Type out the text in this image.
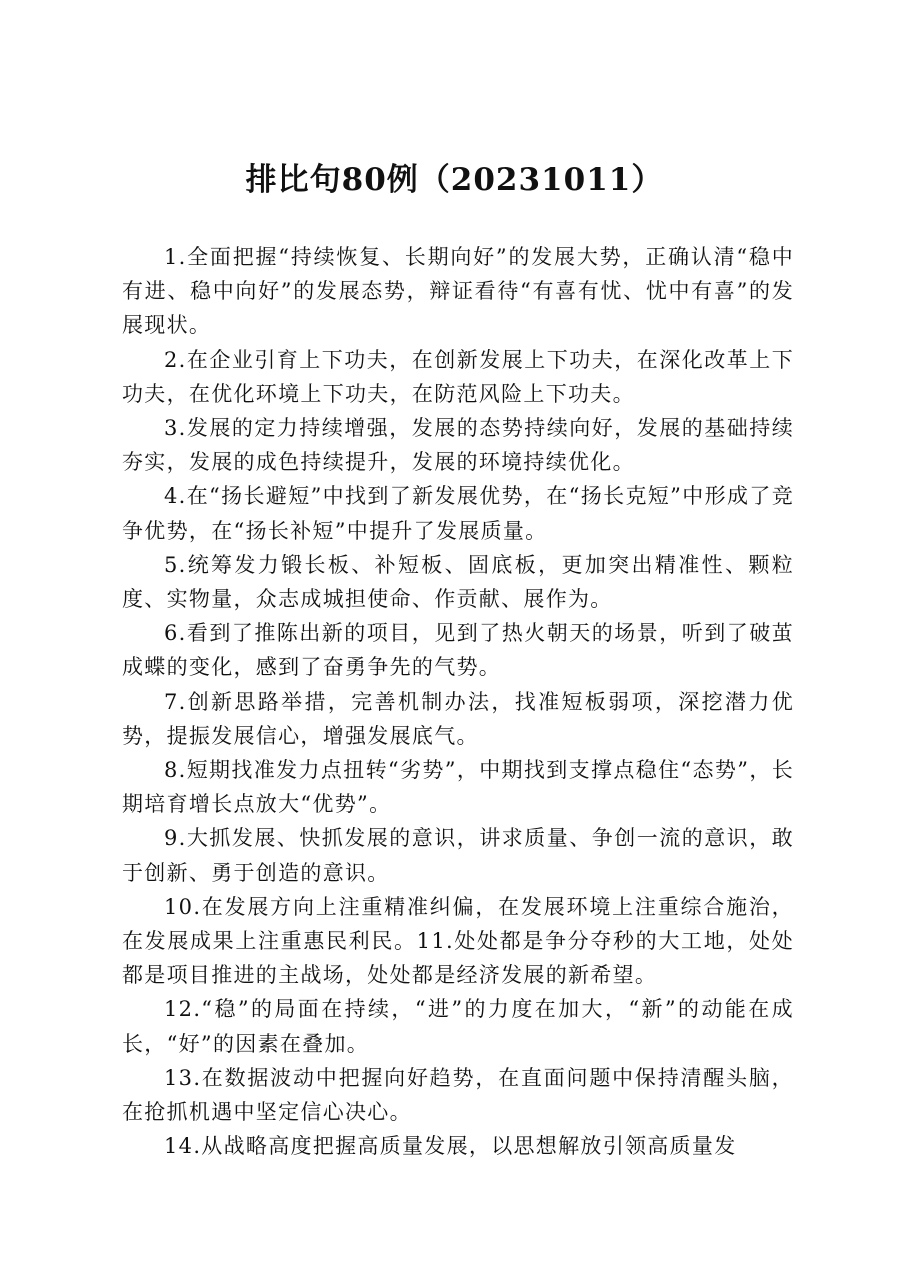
排比句80例（20231011）

1.全面把握“持续恢复、长期向好”的发展大势，正确认清“稳中有进、稳中向好”的发展态势，辩证看待“有喜有忧、忧中有喜”的发展现状。

2.在企业引育上下功夫，在创新发展上下功夫，在深化改革上下功夫，在优化环境上下功夫，在防范风险上下功夫。

3.发展的定力持续增强，发展的态势持续向好，发展的基础持续夯实，发展的成色持续提升，发展的环境持续优化。

4.在“扬长避短”中找到了新发展优势，在“扬长克短”中形成了竞争优势，在“扬长补短”中提升了发展质量。

5.统筹发力锻长板、补短板、固底板，更加突出精准性、颗粒度、实物量，众志成城担使命、作贡献、展作为。

6.看到了推陈出新的项目，见到了热火朝天的场景，听到了破茧成蝶的变化，感到了奋勇争先的气势。

7.创新思路举措，完善机制办法，找准短板弱项，深挖潜力优势，提振发展信心，增强发展底气。

8.短期找准发力点扭转“劣势”，中期找到支撑点稳住“态势”，长期培育增长点放大“优势”。

9.大抓发展、快抓发展的意识，讲求质量、争创一流的意识，敢于创新、勇于创造的意识。

10.在发展方向上注重精准纠偏，在发展环境上注重综合施治，在发展成果上注重惠民利民。11.处处都是争分夺秒的大工地，处处都是项目推进的主战场，处处都是经济发展的新希望。

12.“稳”的局面在持续，“进”的力度在加大，“新”的动能在成长，“好”的因素在叠加。

13.在数据波动中把握向好趋势，在直面问题中保持清醒头脑，在抢抓机遇中坚定信心决心。

14.从战略高度把握高质量发展，以思想解放引领高质量发
